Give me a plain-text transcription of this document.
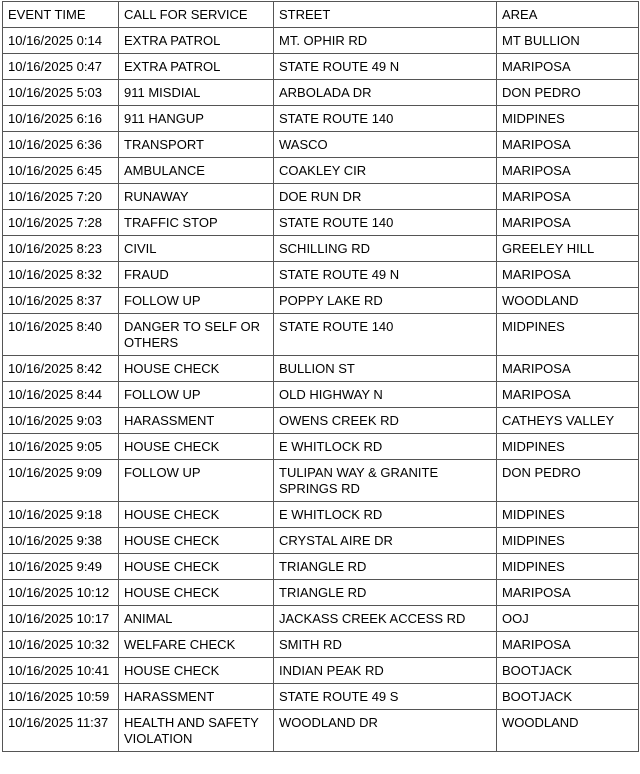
EVENT TIME	CALL FOR SERVICE	STREET	AREA
10/16/2025 0:14	EXTRA PATROL	MT. OPHIR RD	MT BULLION
10/16/2025 0:47	EXTRA PATROL	STATE ROUTE 49 N	MARIPOSA
10/16/2025 5:03	911 MISDIAL	ARBOLADA DR	DON PEDRO
10/16/2025 6:16	911 HANGUP	STATE ROUTE 140	MIDPINES
10/16/2025 6:36	TRANSPORT	WASCO	MARIPOSA
10/16/2025 6:45	AMBULANCE	COAKLEY CIR	MARIPOSA
10/16/2025 7:20	RUNAWAY	DOE RUN DR	MARIPOSA
10/16/2025 7:28	TRAFFIC STOP	STATE ROUTE 140	MARIPOSA
10/16/2025 8:23	CIVIL	SCHILLING RD	GREELEY HILL
10/16/2025 8:32	FRAUD	STATE ROUTE 49 N	MARIPOSA
10/16/2025 8:37	FOLLOW UP	POPPY LAKE RD	WOODLAND
10/16/2025 8:40	DANGER TO SELF OR OTHERS	STATE ROUTE 140	MIDPINES
10/16/2025 8:42	HOUSE CHECK	BULLION ST	MARIPOSA
10/16/2025 8:44	FOLLOW UP	OLD HIGHWAY N	MARIPOSA
10/16/2025 9:03	HARASSMENT	OWENS CREEK RD	CATHEYS VALLEY
10/16/2025 9:05	HOUSE CHECK	E WHITLOCK RD	MIDPINES
10/16/2025 9:09	FOLLOW UP	TULIPAN WAY & GRANITE SPRINGS RD	DON PEDRO
10/16/2025 9:18	HOUSE CHECK	E WHITLOCK RD	MIDPINES
10/16/2025 9:38	HOUSE CHECK	CRYSTAL AIRE DR	MIDPINES
10/16/2025 9:49	HOUSE CHECK	TRIANGLE RD	MIDPINES
10/16/2025 10:12	HOUSE CHECK	TRIANGLE RD	MARIPOSA
10/16/2025 10:17	ANIMAL	JACKASS CREEK ACCESS RD	OOJ
10/16/2025 10:32	WELFARE CHECK	SMITH RD	MARIPOSA
10/16/2025 10:41	HOUSE CHECK	INDIAN PEAK RD	BOOTJACK
10/16/2025 10:59	HARASSMENT	STATE ROUTE 49 S	BOOTJACK
10/16/2025 11:37	HEALTH AND SAFETY VIOLATION	WOODLAND DR	WOODLAND
